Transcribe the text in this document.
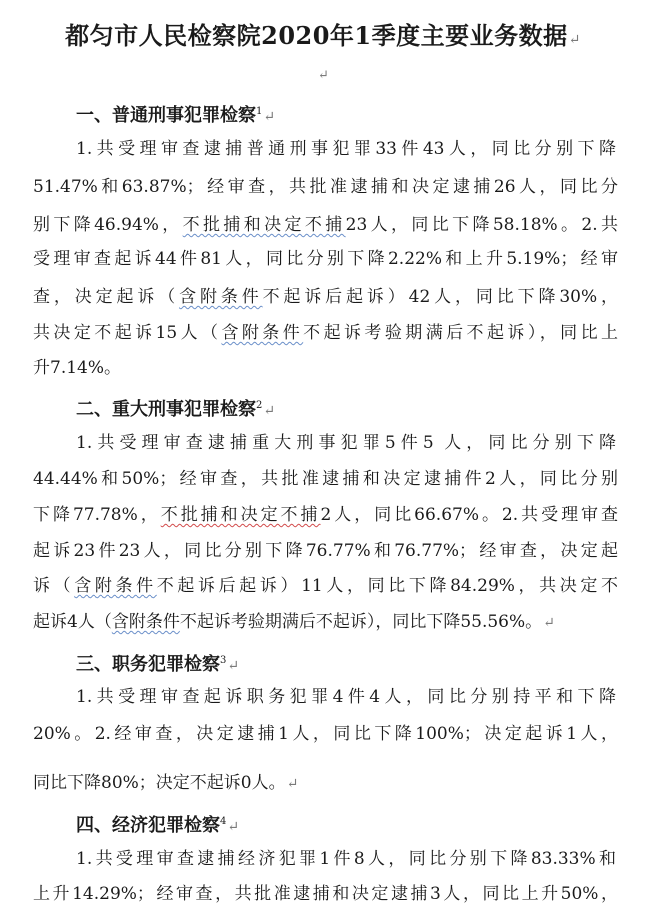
都匀市人民检察院2020年1季度主要业务数据↵
↵
一、普通刑事犯罪检察$^1$↵
1.共受理审查逮捕普通刑事犯罪33件43人，同比分别下降
51.47%和63.87%；经审查，共批准逮捕和决定逮捕26人，同比分
别下降46.94%，不批捕和决定不捕23人，同比下降58.18%。2.共
受理审查起诉44件81人，同比分别下降2.22%和上升5.19%；经审
查，决定起诉（含附条件不起诉后起诉）42人，同比下降30%，
共决定不起诉15人（含附条件不起诉考验期满后不起诉），同比上
升7.14%。
二、重大刑事犯罪检察$^2$↵
1.共受理审查逮捕重大刑事犯罪5件5 人，同比分别下降
44.44%和50%；经审查，共批准逮捕和决定逮捕件2人，同比分别
下降77.78%，不批捕和决定不捕2人，同比66.67%。2.共受理审查
起诉23件23人，同比分别下降76.77%和76.77%；经审查，决定起
诉（含附条件不起诉后起诉）11人，同比下降84.29%，共决定不
起诉4人（含附条件不起诉考验期满后不起诉），同比下降55.56%。↵
三、职务犯罪检察$^3$↵
1.共受理审查起诉职务犯罪4件4人，同比分别持平和下降
20%。2.经审查，决定逮捕1人，同比下降100%；决定起诉1人，
同比下降80%；决定不起诉0人。↵
四、经济犯罪检察$^4$↵
1.共受理审查逮捕经济犯罪1件8人，同比分别下降83.33%和
上升14.29%；经审查，共批准逮捕和决定逮捕3人，同比上升50%，
